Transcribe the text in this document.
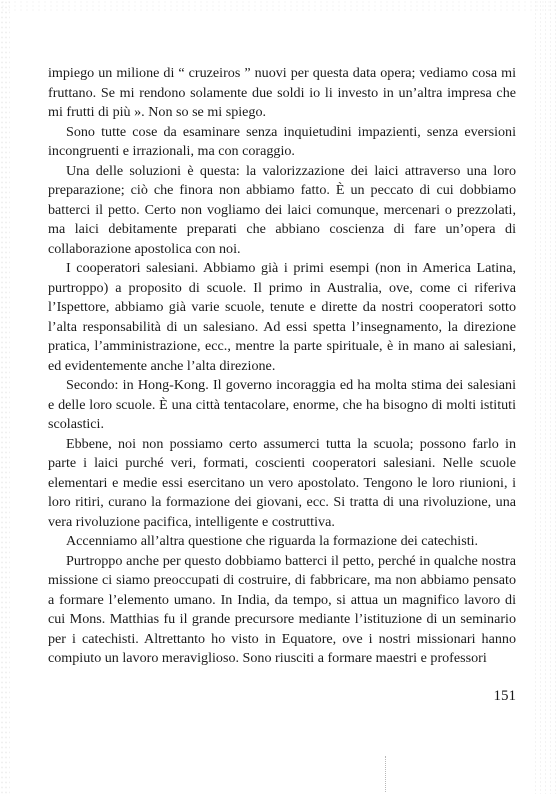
impiego un milione di “ cruzeiros ” nuovi per questa data opera; vediamo cosa mi fruttano. Se mi rendono solamente due soldi io li investo in un’altra impresa che mi frutti di più ». Non so se mi spiego.

Sono tutte cose da esaminare senza inquietudini impazienti, senza eversioni incongruenti e irrazionali, ma con coraggio.

Una delle soluzioni è questa: la valorizzazione dei laici attraverso una loro preparazione; ciò che finora non abbiamo fatto. È un peccato di cui dobbiamo batterci il petto. Certo non vogliamo dei laici comunque, mercenari o prezzolati, ma laici debitamente preparati che abbiano coscienza di fare un’opera di collaborazione apostolica con noi.

I cooperatori salesiani. Abbiamo già i primi esempi (non in America Latina, purtroppo) a proposito di scuole. Il primo in Australia, ove, come ci riferiva l’Ispettore, abbiamo già varie scuole, tenute e dirette da nostri cooperatori sotto l’alta responsabilità di un salesiano. Ad essi spetta l’insegnamento, la direzione pratica, l’amministrazione, ecc., mentre la parte spirituale, è in mano ai salesiani, ed evidentemente anche l’alta direzione.

Secondo: in Hong-Kong. Il governo incoraggia ed ha molta stima dei salesiani e delle loro scuole. È una città tentacolare, enorme, che ha bisogno di molti istituti scolastici.

Ebbene, noi non possiamo certo assumerci tutta la scuola; possono farlo in parte i laici purché veri, formati, coscienti cooperatori salesiani. Nelle scuole elementari e medie essi esercitano un vero apostolato. Tengono le loro riunioni, i loro ritiri, curano la formazione dei giovani, ecc. Si tratta di una rivoluzione, una vera rivoluzione pacifica, intelligente e costruttiva.

Accenniamo all’altra questione che riguarda la formazione dei catechisti.

Purtroppo anche per questo dobbiamo batterci il petto, perché in qualche nostra missione ci siamo preoccupati di costruire, di fabbricare, ma non abbiamo pensato a formare l’elemento umano. In India, da tempo, si attua un magnifico lavoro di cui Mons. Matthias fu il grande precursore mediante l’istituzione di un seminario per i catechisti. Altrettanto ho visto in Equatore, ove i nostri missionari hanno compiuto un lavoro meraviglioso. Sono riusciti a formare maestri e professori

151
